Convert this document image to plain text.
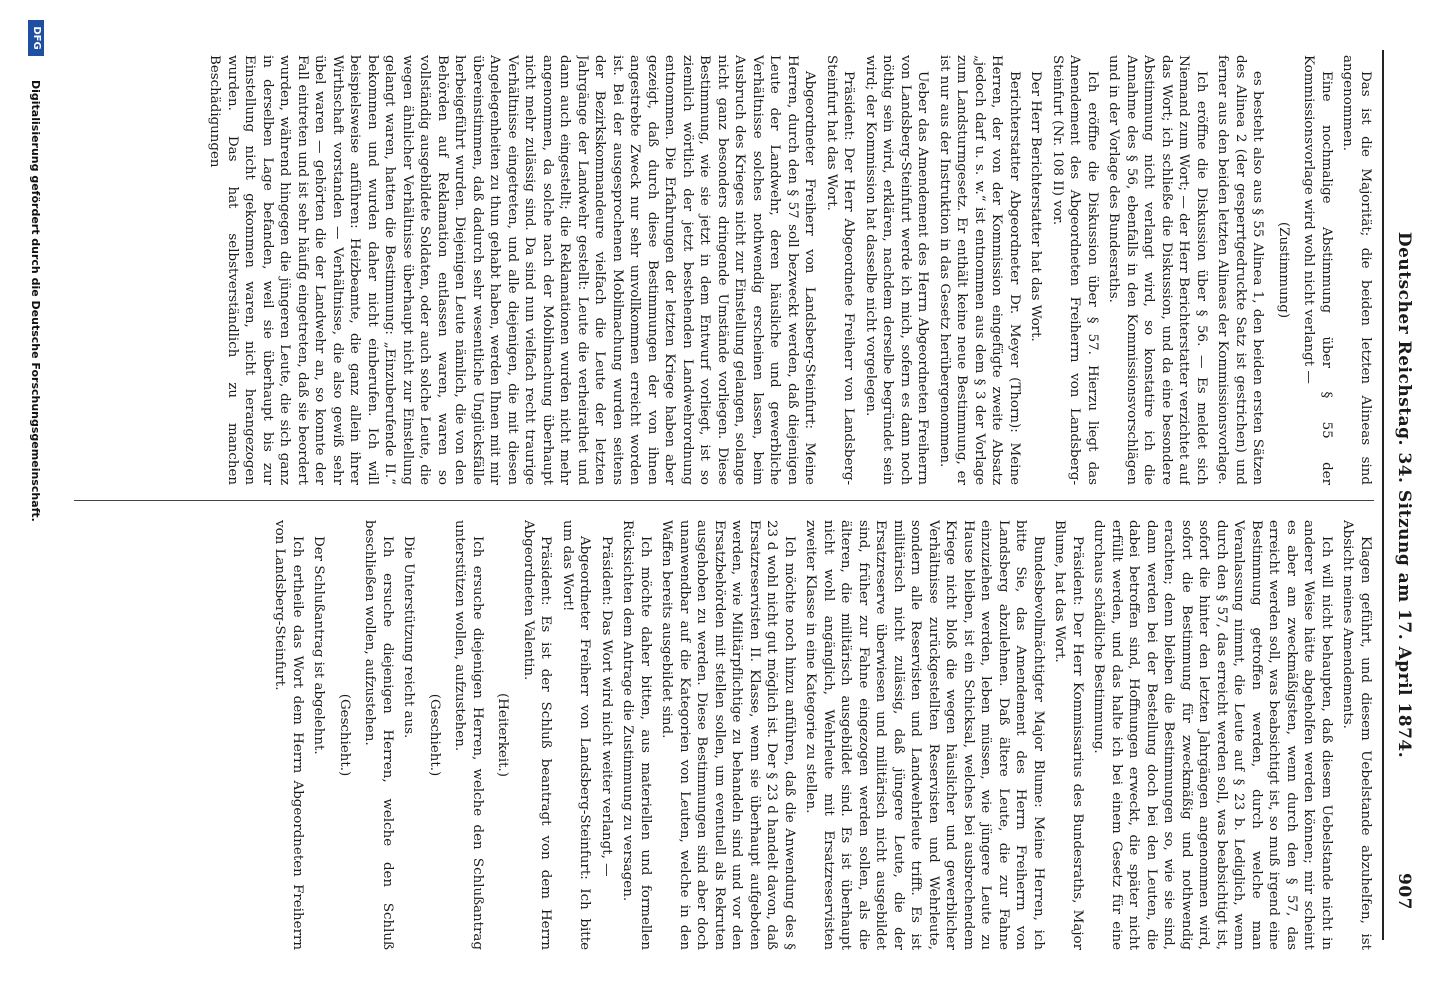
Deutscher Reichstag. 34. Sitzung am 17. April 1874.
907

Das ist die Majorität; die beiden letzten Alineas sind angenommen.

Eine nochmalige Abstimmung über § 55 der Kommissionsvorlage wird wohl nicht verlangt —

(Zustimmung)

es besteht also aus § 55 Alinea 1, den beiden ersten Sätzen des Alinea 2 (der gesperrtgedruckte Satz ist gestrichen) und ferner aus den beiden letzten Alineas der Kommissionsvorlage.

Ich eröffne die Diskussion über § 56. — Es meldet sich Niemand zum Wort; — der Herr Berichterstatter verzichtet auf das Wort; ich schließe die Diskussion, und da eine besondere Abstimmung nicht verlangt wird, so konstatire ich die Annahme des § 56, ebenfalls in den Kommissionsvorschlägen und in der Vorlage des Bundesraths.

Ich eröffne die Diskussion über § 57. Hierzu liegt das Amendement des Abgeordneten Freiherrn von Landsberg-Steinfurt (Nr. 108 II) vor.

Der Herr Berichterstatter hat das Wort.

Berichterstatter Abgeordneter Dr. Meyer (Thorn): Meine Herren, der von der Kommission eingefügte zweite Absatz „jedoch darf u. s. w.“ ist entnommen aus dem § 3 der Vorlage zum Landsturmgesetz. Er enthält keine neue Bestimmung, er ist nur aus der Instruktion in das Gesetz herübergenommen.

Ueber das Amendement des Herrn Abgeordneten Freiherrn von Landsberg-Steinfurt werde ich mich, sofern es dann noch nöthig sein wird, erklären, nachdem derselbe begründet sein wird; der Kommission hat dasselbe nicht vorgelegen.

Präsident: Der Herr Abgeordnete Freiherr von Landsberg-Steinfurt hat das Wort.

Abgeordneter Freiherr von Landsberg-Steinfurt: Meine Herren, durch den § 57 soll bezweckt werden, daß diejenigen Leute der Landwehr, deren häusliche und gewerbliche Verhältnisse solches nothwendig erscheinen lassen, beim Ausbruch des Krieges nicht zur Einstellung gelangen, solange nicht ganz besonders dringende Umstände vorliegen. Diese Bestimmung, wie sie jetzt in dem Entwurf vorliegt, ist so ziemlich wörtlich der jetzt bestehenden Landwehrordnung entnommen. Die Erfahrungen der letzten Kriege haben aber gezeigt, daß durch diese Bestimmungen der von ihnen angestrebte Zweck nur sehr unvollkommen erreicht worden ist. Bei der ausgesprochenen Mobilmachung wurden seitens der Bezirkskommandeure vielfach die Leute der letzten Jahrgänge der Landwehr gestellt: Leute die verheirathet und dann auch eingestellt; die Reklamationen wurden nicht mehr angenommen, da solche nach der Mobilmachung überhaupt nicht mehr zulässig sind. Da sind nun vielfach recht traurige Verhältnisse eingetreten, und alle diejenigen, die mit diesen Angelegenheiten zu thun gehabt haben, werden Ihnen mit mir übereinstimmen, daß dadurch sehr wesentliche Unglücksfälle herbeigeführt wurden. Diejenigen Leute nämlich, die von den Behörden auf Reklamation entlassen waren, waren so vollständig ausgebildete Soldaten, oder auch solche Leute, die wegen ähnlicher Verhältnisse überhaupt nicht zur Einstellung gelangt waren, hatten die Bestimmung: „Einzuberufende II.“ bekommen und wurden daher nicht einberufen. Ich will beispielsweise anführen: Heizbeamte, die ganz allein ihrer Wirthschaft vorstanden — Verhältnisse, die also gewiß sehr übel waren — gehörten die der Landwehr an, so konnte der Fall eintreten und ist sehr häufig eingetreten, daß sie beordert wurden, während hingegen die jüngeren Leute, die sich ganz in derselben Lage befanden, weil sie überhaupt bis zur Einstellung nicht gekommen waren, nicht herangezogen wurden. Das hat selbstverständlich zu manchen Beschädigungen

Klagen geführt, und diesem Uebelstande abzuhelfen, ist Absicht meines Amendements.

Ich will nicht behaupten, daß diesem Uebelstande nicht in anderer Weise hätte abgeholfen werden können; mir scheint es aber am zweckmäßigsten, wenn durch den § 57, das erreicht werden soll, was beabsichtigt ist, so muß irgend eine Bestimmung getroffen werden, durch welche man Veranlassung nimmt, die Leute auf § 23 b. Lediglich, wenn durch den § 57, das erreicht werden soll, was beabsichtigt ist, sofort die hinter den letzten Jahrgängen angenommen wird, sofort die Bestimmung für zweckmäßig und nothwendig erachten; denn bleiben die Bestimmungen so, wie sie sind, dann werden bei der Bestellung doch bei den Leuten, die dabei betroffen sind, Hoffnungen erweckt, die später nicht erfüllt werden, und das halte ich bei einem Gesetz für eine durchaus schädliche Bestimmung.

Präsident: Der Herr Kommissarius des Bundesraths, Major Blume, hat das Wort.

Bundesbevollmächtigter Major Blume: Meine Herren, ich bitte Sie, das Amendement des Herrn Freiherrn von Landsberg abzulehnen. Daß ältere Leute, die zur Fahne einzuziehen werden, leben müssen, wie jüngere Leute zu Hause bleiben, ist ein Schicksal, welches bei ausbrechendem Kriege nicht bloß die wegen häuslicher und gewerblicher Verhältnisse zurückgestellten Reservisten und Wehrleute, sondern alle Reservisten und Landwehrleute trifft. Es ist militärisch nicht zulässig, daß jüngere Leute, die der Ersatzreserve überwiesen und militärisch nicht ausgebildet sind, früher zur Fahne eingezogen werden sollen, als die älteren, die militärisch ausgebildet sind. Es ist überhaupt nicht wohl angänglich, Wehrleute mit Ersatzreservisten zweiter Klasse in eine Kategorie zu stellen.

Ich möchte noch hinzu anführen, daß die Anwendung des § 23 d wohl nicht gut möglich ist. Der § 23 d handelt davon, daß Ersatzreservisten II. Klasse, wenn sie überhaupt aufgeboten werden, wie Militärpflichtige zu behandeln sind und vor den Ersatzbehörden mit stellen sollen, um eventuell als Rekruten ausgehoben zu werden. Diese Bestimmungen sind aber doch unanwendbar auf die Kategorien von Leuten, welche in den Waffen bereits ausgebildet sind.

Ich möchte daher bitten, aus materiellen und formellen Rücksichten dem Antrage die Zustimmung zu versagen.

Präsident: Das Wort wird nicht weiter verlangt, —

Abgeordneter Freiherr von Landsberg-Steinfurt: Ich bitte um das Wort!

Präsident: Es ist der Schluß beantragt von dem Herrn Abgeordneten Valentin.

(Heiterkeit.)

Ich ersuche diejenigen Herren, welche den Schlußantrag unterstützen wollen, aufzustehen.

(Geschieht.)

Die Unterstützung reicht aus.

Ich ersuche diejenigen Herren, welche den Schluß beschließen wollen, aufzustehen.

(Geschieht.)

Der Schlußantrag ist abgelehnt.

Ich ertheile das Wort dem Herrn Abgeordneten Freiherrn von Landsberg-Steinfurt.

DFG
Digitalisierung gefördert durch die Deutsche Forschungsgemeinschaft.
